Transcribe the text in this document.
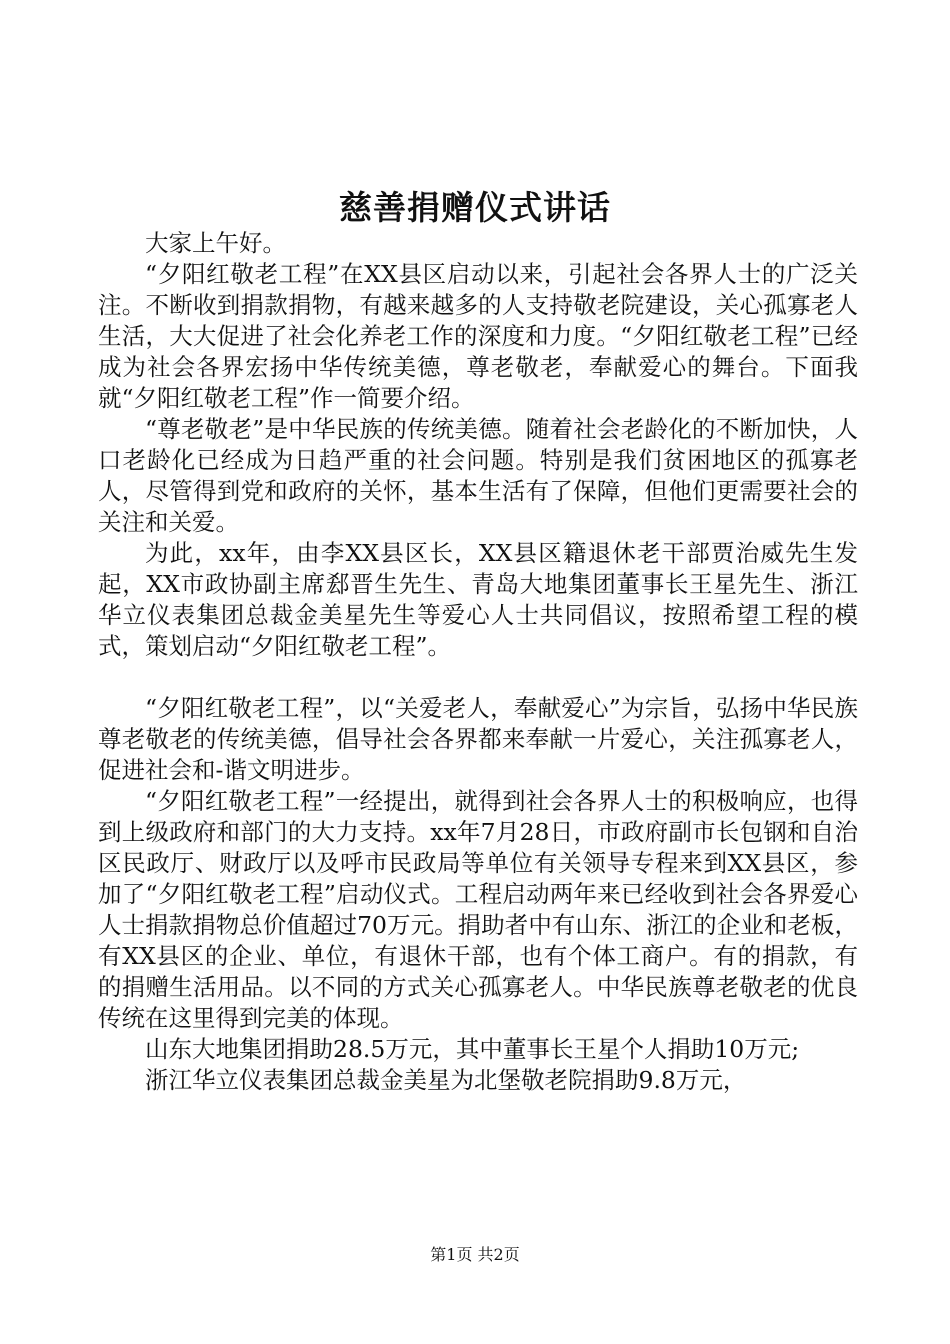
慈善捐赠仪式讲话

大家上午好。

“夕阳红敬老工程”在XX县区启动以来，引起社会各界人士的广泛关注。不断收到捐款捐物，有越来越多的人支持敬老院建设，关心孤寡老人生活，大大促进了社会化养老工作的深度和力度。“夕阳红敬老工程”已经成为社会各界宏扬中华传统美德，尊老敬老，奉献爱心的舞台。下面我就“夕阳红敬老工程”作一简要介绍。

“尊老敬老”是中华民族的传统美德。随着社会老龄化的不断加快，人口老龄化已经成为日趋严重的社会问题。特别是我们贫困地区的孤寡老人，尽管得到党和政府的关怀，基本生活有了保障，但他们更需要社会的关注和关爱。

为此，xx年，由李XX县区长，XX县区籍退休老干部贾治威先生发起，XX市政协副主席郄晋生先生、青岛大地集团董事长王星先生、浙江华立仪表集团总裁金美星先生等爱心人士共同倡议，按照希望工程的模式，策划启动“夕阳红敬老工程”。

“夕阳红敬老工程”，以“关爱老人，奉献爱心”为宗旨，弘扬中华民族尊老敬老的传统美德，倡导社会各界都来奉献一片爱心，关注孤寡老人，促进社会和-谐文明进步。

“夕阳红敬老工程”一经提出，就得到社会各界人士的积极响应，也得到上级政府和部门的大力支持。xx年7月28日，市政府副市长包钢和自治区民政厅、财政厅以及呼市民政局等单位有关领导专程来到XX县区，参加了“夕阳红敬老工程”启动仪式。工程启动两年来已经收到社会各界爱心人士捐款捐物总价值超过70万元。捐助者中有山东、浙江的企业和老板，有XX县区的企业、单位，有退休干部，也有个体工商户。有的捐款，有的捐赠生活用品。以不同的方式关心孤寡老人。中华民族尊老敬老的优良传统在这里得到完美的体现。

山东大地集团捐助28.5万元，其中董事长王星个人捐助10万元;

浙江华立仪表集团总裁金美星为北堡敬老院捐助9.8万元，

第1页 共2页
